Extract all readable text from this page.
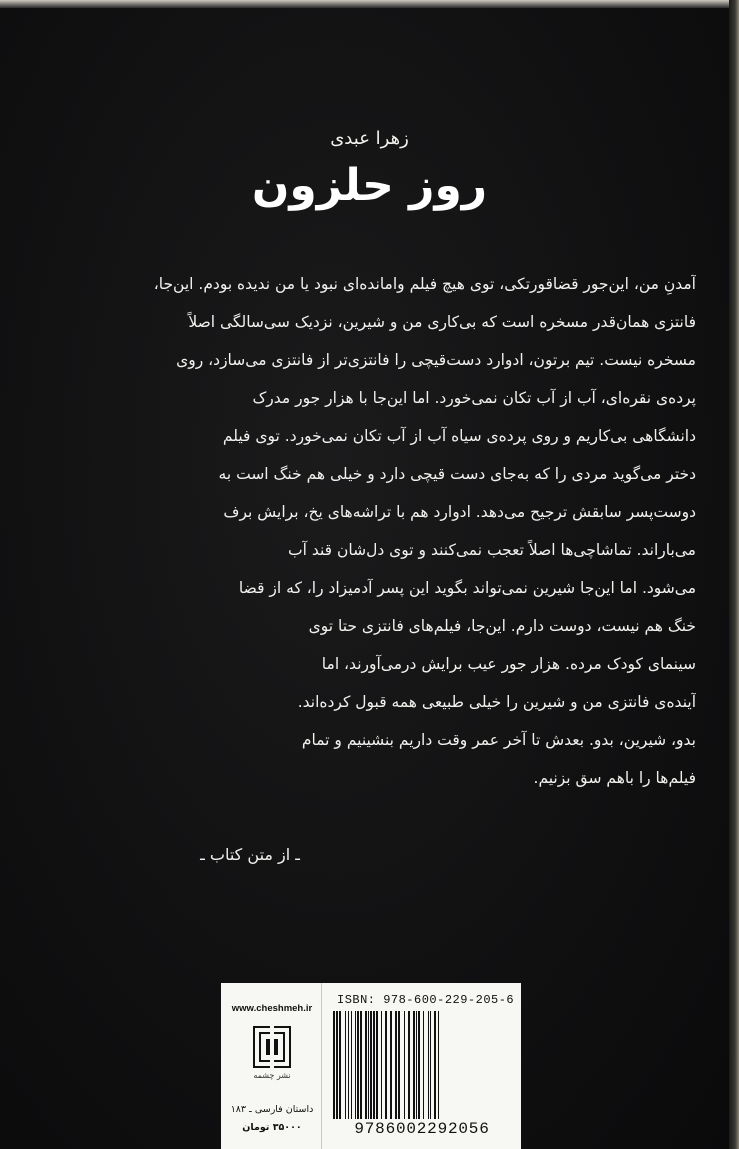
زهرا عبدی
روز حلزون

آمدنِ من، این‌جور قضاقورتکی، توی هیچ فیلم وامانده‌ای نبود یا من ندیده بودم. این‌جا،

فانتزی همان‌قدر مسخره است که بی‌کاری من و شیرین، نزدیک سی‌سالگی اصلاً

مسخره نیست. تیم برتون، ادوارد دست‌قیچی را فانتزی‌تر از فانتزی می‌سازد، روی

پرده‌ی نقره‌ای، آب از آب تکان نمی‌خورد. اما این‌جا با هزار جور مدرک

دانشگاهی بی‌کاریم و روی پرده‌ی سیاه آب از آب تکان نمی‌خورد. توی فیلم

دختر می‌گوید مردی را که به‌جای دست قیچی دارد و خیلی هم خنگ است به

دوست‌پسر سابقش ترجیح می‌دهد. ادوارد هم با تراشه‌های یخ، برایش برف

می‌باراند. تماشاچی‌ها اصلاً تعجب نمی‌کنند و توی دل‌شان قند آب

می‌شود. اما این‌جا شیرین نمی‌تواند بگوید این پسر آدمیزاد را، که از قضا

خنگ هم نیست، دوست دارم. این‌جا، فیلم‌های فانتزی حتا توی

سینمای کودک مرده. هزار جور عیب برایش درمی‌آورند، اما

آینده‌ی فانتزی من و شیرین را خیلی طبیعی همه قبول کرده‌اند.

بدو، شیرین، بدو. بعدش تا آخر عمر وقت داریم بنشینیم و تمام

فیلم‌ها را باهم سق بزنیم.

ـ از متن کتاب ـ
www.cheshmeh.ir
نشر چشمه
داستان فارسی ـ ۱۸۳
۳۵۰۰۰ تومان
ISBN: 978-600-229-205-6
9786002292056
